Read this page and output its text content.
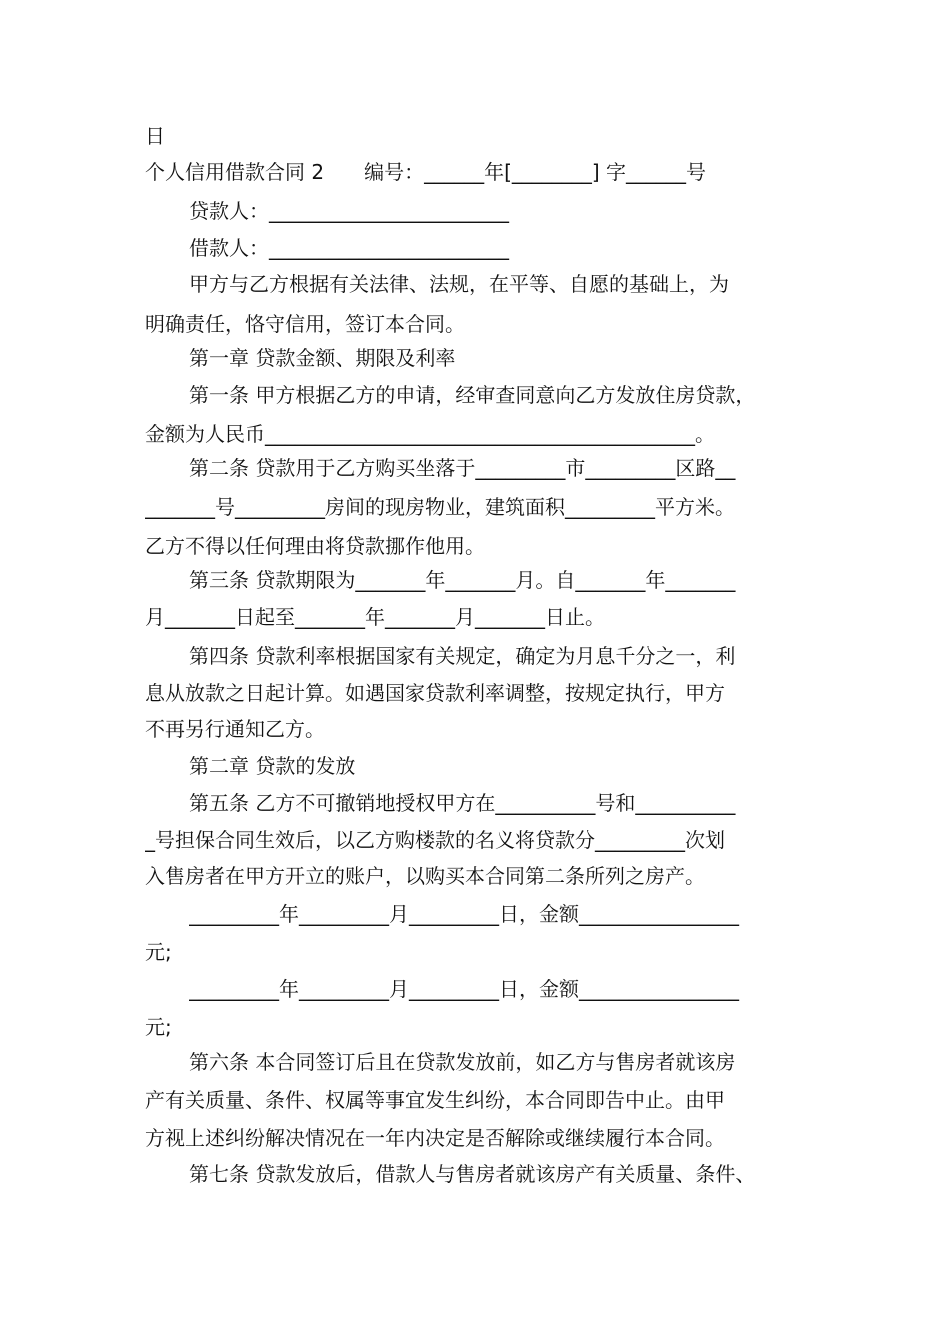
日
个人信用借款合同 2　　编号：______年[________] 字______号
贷款人：________________________
借款人：________________________
甲方与乙方根据有关法律、法规，在平等、自愿的基础上，为
明确责任，恪守信用，签订本合同。
第一章 贷款金额、期限及利率
第一条 甲方根据乙方的申请，经审查同意向乙方发放住房贷款，
金额为人民币___________________________________________。
第二条 贷款用于乙方购买坐落于_________市_________区路__
_______号_________房间的现房物业，建筑面积_________平方米。
乙方不得以任何理由将贷款挪作他用。
第三条 贷款期限为_______年_______月。自_______年_______
月_______日起至_______年_______月_______日止。
第四条 贷款利率根据国家有关规定，确定为月息千分之一，利
息从放款之日起计算。如遇国家贷款利率调整，按规定执行，甲方
不再另行通知乙方。
第二章 贷款的发放
第五条 乙方不可撤销地授权甲方在__________号和__________
_号担保合同生效后，以乙方购楼款的名义将贷款分_________次划
入售房者在甲方开立的账户，以购买本合同第二条所列之房产。
_________年_________月_________日，金额________________
元;
_________年_________月_________日，金额________________
元;
第六条 本合同签订后且在贷款发放前，如乙方与售房者就该房
产有关质量、条件、权属等事宜发生纠纷，本合同即告中止。由甲
方视上述纠纷解决情况在一年内决定是否解除或继续履行本合同。
第七条 贷款发放后，借款人与售房者就该房产有关质量、条件、
